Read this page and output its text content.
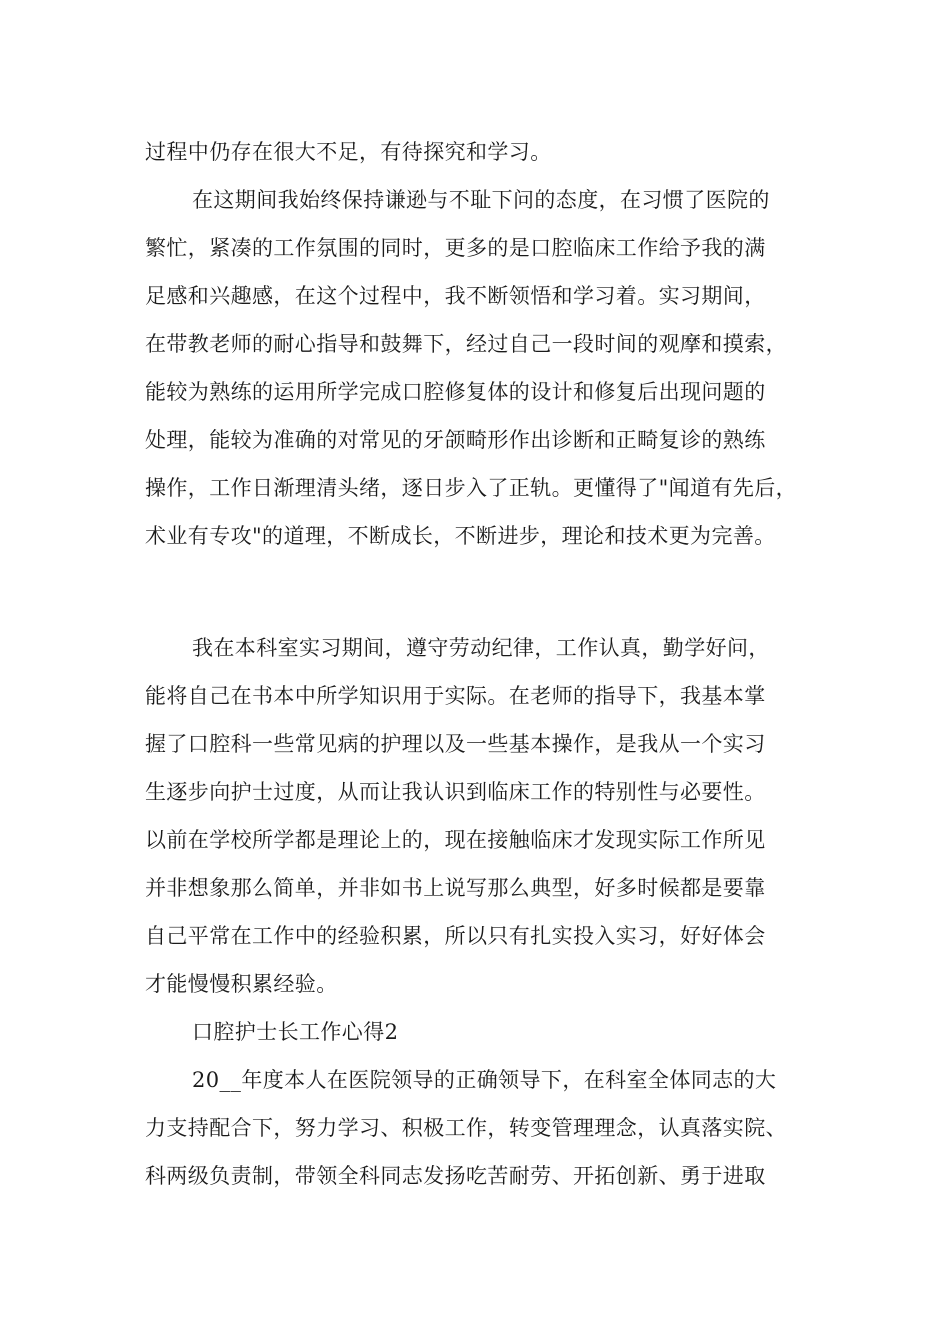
过程中仍存在很大不足，有待探究和学习。

在这期间我始终保持谦逊与不耻下问的态度，在习惯了医院的

繁忙，紧凑的工作氛围的同时，更多的是口腔临床工作给予我的满

足感和兴趣感，在这个过程中，我不断领悟和学习着。实习期间，

在带教老师的耐心指导和鼓舞下，经过自己一段时间的观摩和摸索，

能较为熟练的运用所学完成口腔修复体的设计和修复后出现问题的

处理，能较为准确的对常见的牙颌畸形作出诊断和正畸复诊的熟练

操作，工作日渐理清头绪，逐日步入了正轨。更懂得了"闻道有先后，

术业有专攻"的道理，不断成长，不断进步，理论和技术更为完善。

我在本科室实习期间，遵守劳动纪律，工作认真，勤学好问，

能将自己在书本中所学知识用于实际。在老师的指导下，我基本掌

握了口腔科一些常见病的护理以及一些基本操作，是我从一个实习

生逐步向护士过度，从而让我认识到临床工作的特别性与必要性。

以前在学校所学都是理论上的，现在接触临床才发现实际工作所见

并非想象那么简单，并非如书上说写那么典型，好多时候都是要靠

自己平常在工作中的经验积累，所以只有扎实投入实习，好好体会

才能慢慢积累经验。

口腔护士长工作心得2

20__年度本人在医院领导的正确领导下，在科室全体同志的大

力支持配合下，努力学习、积极工作，转变管理理念，认真落实院、

科两级负责制，带领全科同志发扬吃苦耐劳、开拓创新、勇于进取
